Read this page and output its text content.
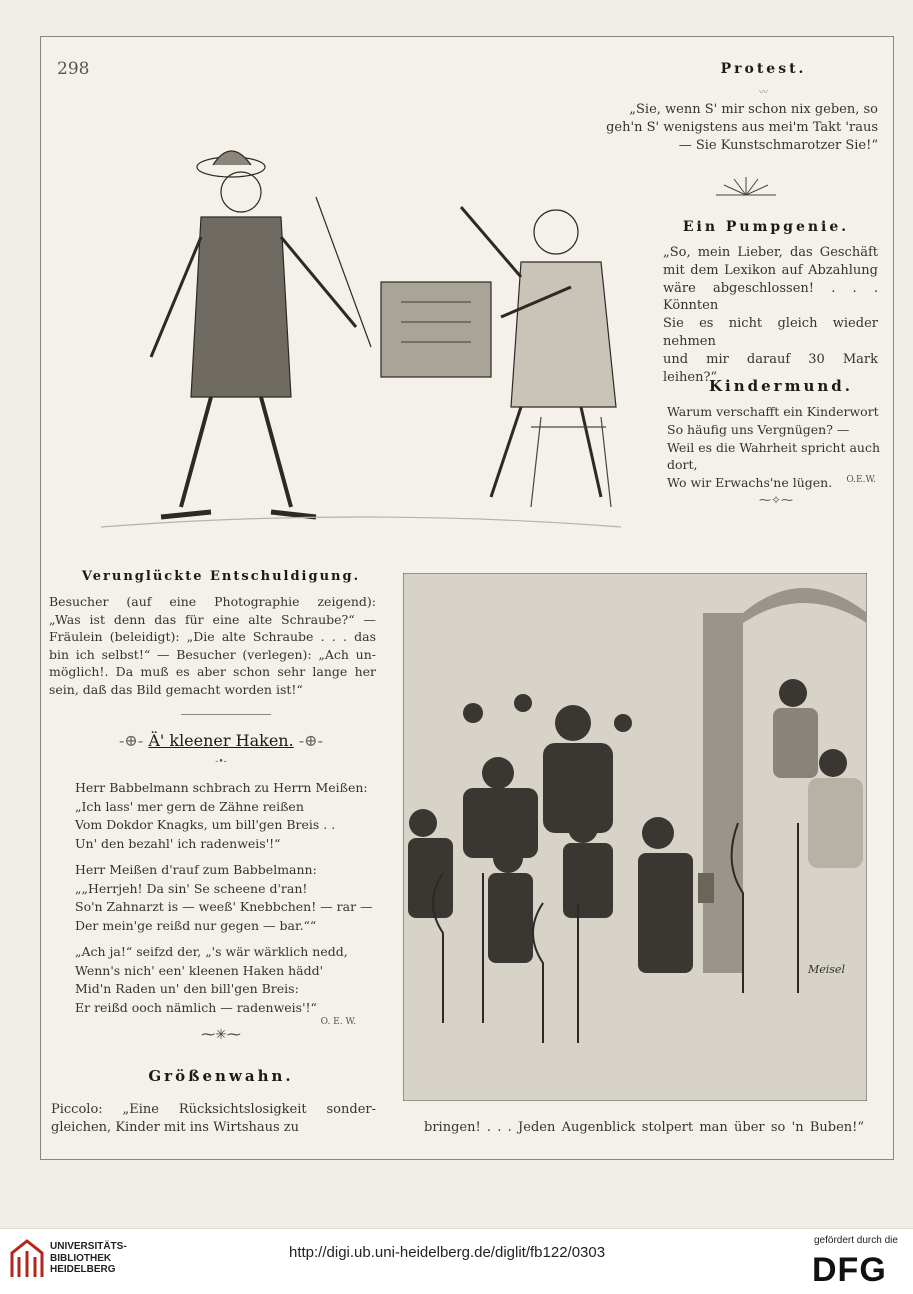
298	Protest.
〰
„Sie, wenn S' mir schon nix geben, so
geh'n S' wenigstens aus mei'm Takt 'raus
— Sie Kunstschmarotzer Sie!“
Ein Pumpgenie.
„So, mein Lieber, das Geschäft
mit dem Lexikon auf Abzahlung
wäre abgeschlossen! . . . Könnten
Sie es nicht gleich wieder nehmen
und mir darauf 30 Mark leihen?“
Kindermund.
Warum verschafft ein Kinderwort
So häufig uns Vergnügen? —
Weil es die Wahrheit spricht auch dort,
Wo wir Erwachs'ne lügen.	O.E.W.
⁓✧⁓
Verunglückte Entschuldigung.
Besucher (auf eine Photographie zeigend):
„Was ist denn das für eine alte Schraube?“ —
Fräulein (beleidigt): „Die alte Schraube . . . das
bin ich selbst!“ — Besucher (verlegen): „Ach un-
möglich!. Da muß es aber schon sehr lange her
sein, daß das Bild gemacht worden ist!“
-⊕- Ä' kleener Haken. -⊕-
-•-
Herr Babbelmann schbrach zu Herrn Meißen:
„Ich lass' mer gern de Zähne reißen
Vom Dokdor Knagks, um bill'gen Breis . .
Un' den bezahl' ich radenweis'!“
Herr Meißen d'rauf zum Babbelmann:
„„Herrjeh! Da sin' Se scheene d'ran!
So'n Zahnarzt is — weeß' Knebbchen! — rar —
Der mein'ge reißd nur gegen — bar.““
„Ach ja!“ seifzd der, „'s wär wärklich nedd,
Wenn's nich' een' kleenen Haken hädd'
Mid'n Raden un' den bill'gen Breis:
Er reißd ooch nämlich — radenweis'!“
O. E. W.
⁓✳⁓
Größenwahn.
Piccolo: „Eine Rücksichtslosigkeit sonder-
gleichen, Kinder mit ins Wirtshaus zu	bringen! . . . Jeden Augenblick stolpert man über so 'n Buben!“
Meisel
UNIVERSITÄTS-
BIBLIOTHEK
HEIDELBERG
http://digi.ub.uni-heidelberg.de/diglit/fb122/0303
gefördert durch die
DFG
